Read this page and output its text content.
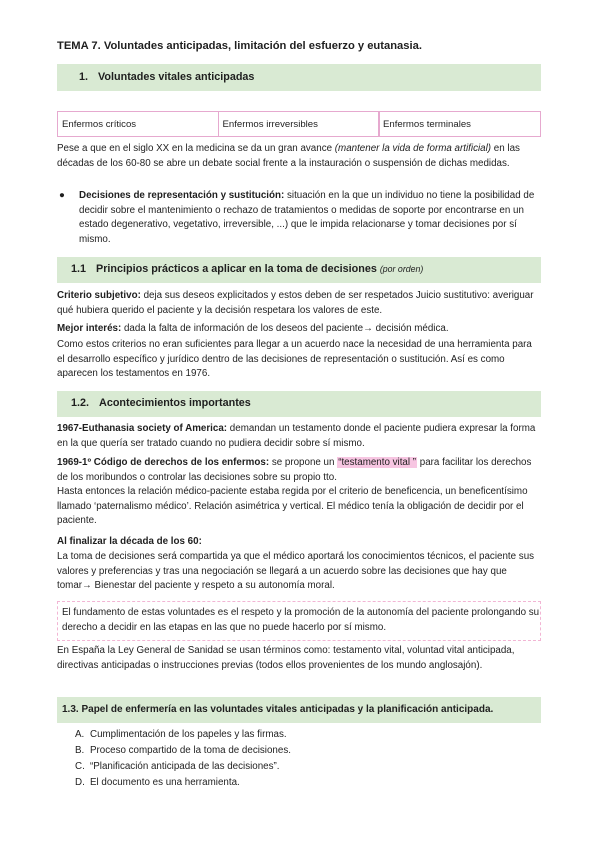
TEMA 7. Voluntades anticipadas, limitación del esfuerzo y eutanasia.
1. Voluntades vitales anticipadas
Enfermos críticos	Enfermos irreversibles	Enfermos terminales
Pese a que en el siglo XX en la medicina se da un gran avance (mantener la vida de forma artificial) en las décadas de los 60-80 se abre un debate social frente a la instauración o suspensión de dichas medidas.
● Decisiones de representación y sustitución: situación en la que un individuo no tiene la posibilidad de decidir sobre el mantenimiento o rechazo de tratamientos o medidas de soporte por encontrarse en un estado degenerativo, vegetativo, irreversible, ...) que le impida relacionarse y tomar decisiones por sí mismo.
1.1 Principios prácticos a aplicar en la toma de decisiones (por orden)
Criterio subjetivo: deja sus deseos explicitados y estos deben de ser respetados Juicio sustitutivo: averiguar qué hubiera querido el paciente y la decisión respetara los valores de este.
Mejor interés: dada la falta de información de los deseos del paciente→ decisión médica.
Como estos criterios no eran suficientes para llegar a un acuerdo nace la necesidad de una herramienta para el desarrollo específico y jurídico dentro de las decisiones de representación o sustitución. Así es como aparecen los testamentos en 1976.
1.2. Acontecimientos importantes
1967-Euthanasia society of America: demandan un testamento donde el paciente pudiera expresar la forma en la que quería ser tratado cuando no pudiera decidir sobre sí mismo.
1969-1º Código de derechos de los enfermos: se propone un “testamento vital ” para facilitar los derechos de los moribundos o controlar las decisiones sobre su propio tto.
Hasta entonces la relación médico-paciente estaba regida por el criterio de beneficencia, un beneficentísimo llamado ‘paternalismo médico’. Relación asimétrica y vertical. El médico tenía la obligación de decidir por el paciente.
Al finalizar la década de los 60:
La toma de decisiones será compartida ya que el médico aportará los conocimientos técnicos, el paciente sus valores y preferencias y tras una negociación se llegará a un acuerdo sobre las decisiones que hay que tomar→ Bienestar del paciente y respeto a su autonomía moral.
El fundamento de estas voluntades es el respeto y la promoción de la autonomía del paciente prolongando su derecho a decidir en las etapas en las que no puede hacerlo por sí mismo.
En España la Ley General de Sanidad se usan términos como: testamento vital, voluntad vital anticipada, directivas anticipadas o instrucciones previas (todos ellos provenientes de los mundo anglosajón).
1.3. Papel de enfermería en las voluntades vitales anticipadas y la planificación anticipada.
A. Cumplimentación de los papeles y las firmas.
B. Proceso compartido de la toma de decisiones.
C. “Planificación anticipada de las decisiones”.
D. El documento es una herramienta.
